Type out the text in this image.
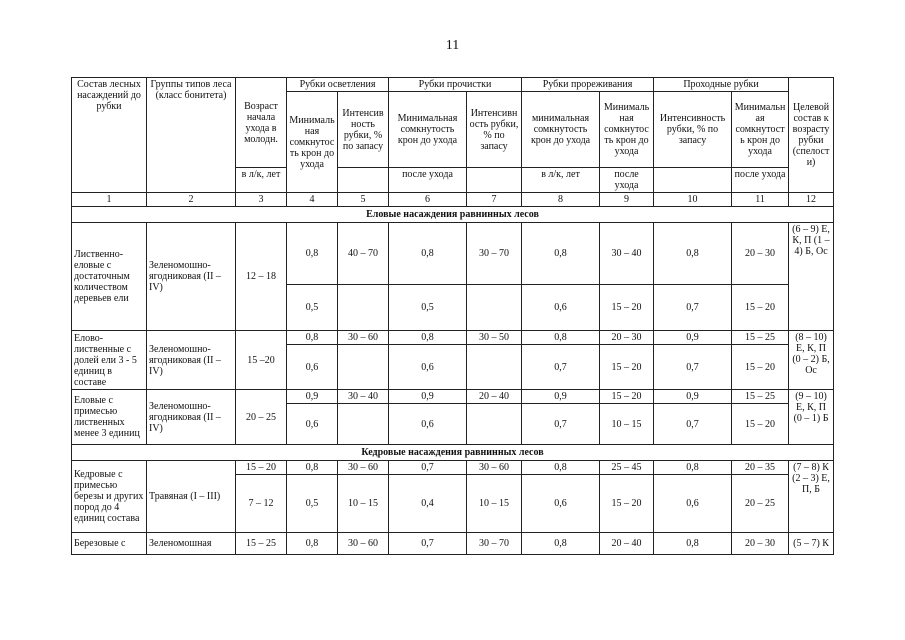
11
Состав лесных насаждений до рубки	Группы типов леса (класс бонитета)	Возраст начала уходa в молодн.	Рубки осветления		Рубки прочистки		Рубки прореживания		Проходные рубки		Целевой состав к возрасту рубки (спелости)
			Минимальная сомкнутость крон до ухода	Интенсивность рубки, % по запасу	Минимальная сомкнутость крон до ухода	Интенсивность рубки, % по запасу	минимальная сомкнутость крон до ухода	Минимальная сомкнутость крон до ухода	Интенсивность рубки, % по запасу	Минимальная сомкнутость крон до ухода	
		в л/к, лет			после ухода		в л/к, лет	после ухода		после ухода	
1	2	3	4	5	6	7	8	9	10	11	12
Еловые насаждения равнинных лесов											
Лиственно-еловые с достаточным количеством деревьев ели	Зеленомошно-ягодниковая (II – IV)	12 – 18	0,8	40 – 70	0,8	30 – 70	0,8	30 – 40	0,8	20 – 30	(6 – 9) Е, К, П (1 – 4) Б, Ос
			0,5		0,5		0,6	15 – 20	0,7	15 – 20	
Елово-лиственные с долей ели 3 - 5 единиц в составе	Зеленомошно-ягодниковая (II – IV)	15 –20	0,8	30 – 60	0,8	30 – 50	0,8	20 – 30	0,9	15 – 25	(8 – 10) Е, К, П (0 – 2) Б, Ос
			0,6		0,6		0,7	15 – 20	0,7	15 – 20	
Еловые с примесью лиственных менее 3 единиц	Зеленомошно-ягодниковая (II –IV)	20 – 25	0,9	30 – 40	0,9	20 – 40	0,9	15 – 20	0,9	15 – 25	(9 – 10) Е, К, П (0 – 1) Б
			0,6		0,6		0,7	10 – 15	0,7	15 – 20	
Кедровые насаждения равнинных лесов											
Кедровые с примесью березы и других пород до 4 единиц состава	Травяная (I – III)	15 – 20	0,8	30 – 60	0,7	30 – 60	0,8	25 – 45	0,8	20 – 35	(7 – 8) К (2 – 3) Е, П, Б
		7 – 12	0,5	10 – 15	0,4	10 – 15	0,6	15 – 20	0,6	20 – 25	
Березовые с	Зеленомошная	15 – 25	0,8	30 – 60	0,7	30 – 70	0,8	20 – 40	0,8	20 – 30	(5 – 7) К
